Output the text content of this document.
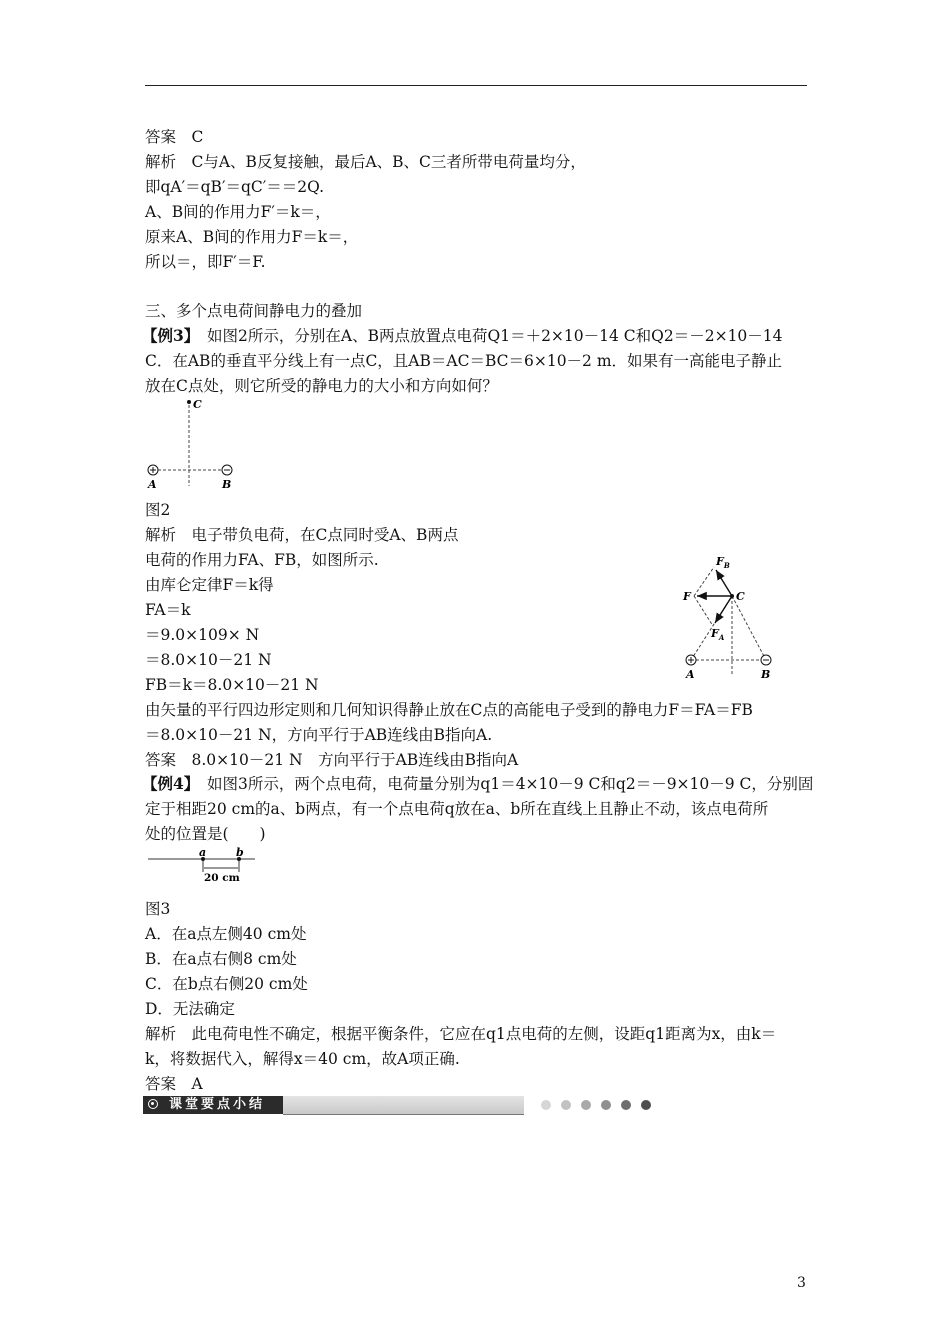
答案　C
解析　C与A、B反复接触，最后A、B、C三者所带电荷量均分，
即qA′＝qB′＝qC′＝＝2Q.
A、B间的作用力F′＝k＝，
原来A、B间的作用力F＝k＝，
所以＝，即F′＝F.
三、多个点电荷间静电力的叠加
【例3】　如图2所示，分别在A、B两点放置点电荷Q1＝＋2×10－14 C和Q2＝－2×10－14
C．在AB的垂直平分线上有一点C，且AB＝AC＝BC＝6×10－2 m．如果有一高能电子静止
放在C点处，则它所受的静电力的大小和方向如何？
C
A	B
图2
解析　电子带负电荷，在C点同时受A、B两点
电荷的作用力FA、FB，如图所示.
由库仑定律F＝k得
FA＝k
＝9.0×109× N
＝8.0×10－21 N
FB＝k＝8.0×10－21 N
$F_B$
F	C
$F_A$
A	B
由矢量的平行四边形定则和几何知识得静止放在C点的高能电子受到的静电力F＝FA＝FB
＝8.0×10－21 N，方向平行于AB连线由B指向A.
答案　8.0×10－21 N　方向平行于AB连线由B指向A
【例4】　如图3所示，两个点电荷，电荷量分别为q1＝4×10－9 C和q2＝－9×10－9 C，分别固
定于相距20 cm的a、b两点，有一个点电荷q放在a、b所在直线上且静止不动，该点电荷所
处的位置是(　　)
a	b
20 cm
图3
A．在a点左侧40 cm处
B．在a点右侧8 cm处
C．在b点右侧20 cm处
D．无法确定
解析　此电荷电性不确定，根据平衡条件，它应在q1点电荷的左侧，设距q1距离为x，由k＝
k，将数据代入，解得x＝40 cm，故A项正确.
答案　A
课堂要点小结
3
